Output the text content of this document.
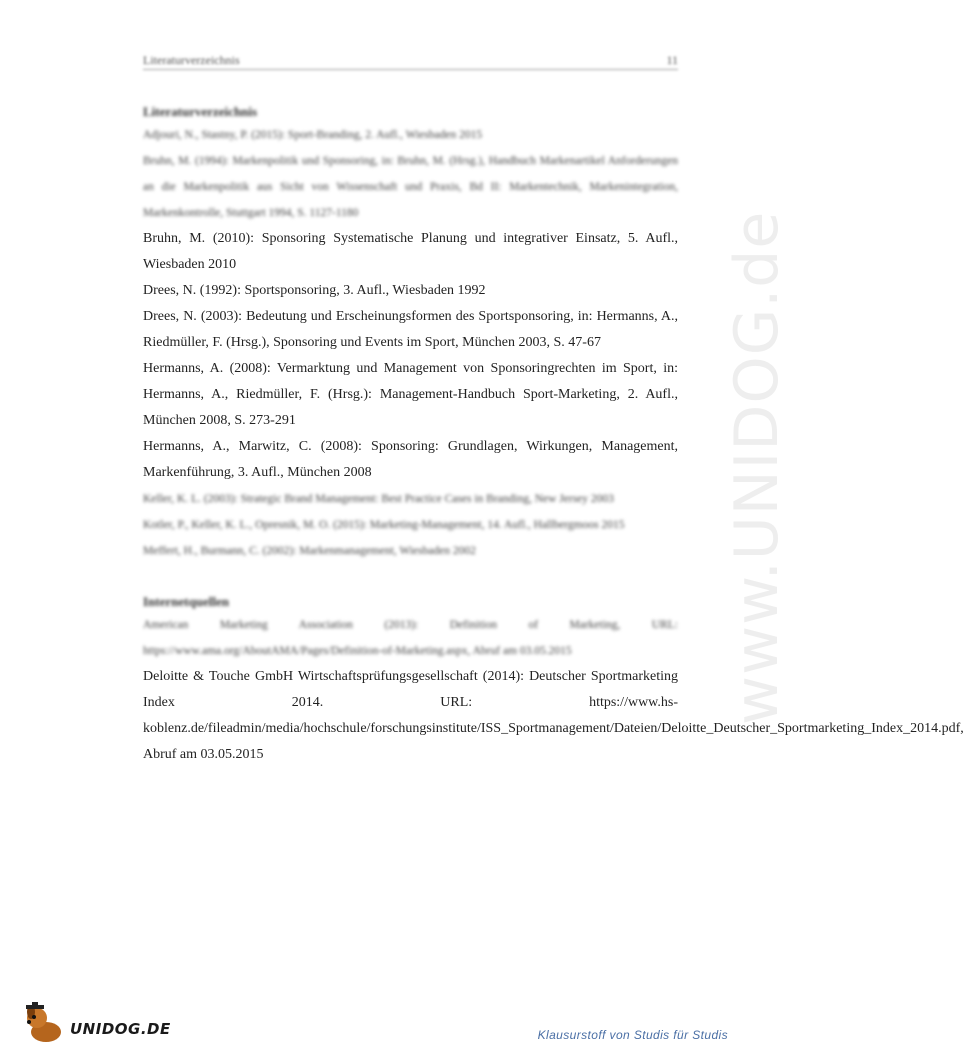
Literaturverzeichnis	11
Literaturverzeichnis

Adjouri, N., Stastny, P. (2015): Sport-Branding, 2. Aufl., Wiesbaden 2015

Bruhn, M. (1994): Markenpolitik und Sponsoring, in: Bruhn, M. (Hrsg.), Handbuch Markenartikel Anforderungen an die Markenpolitik aus Sicht von Wissenschaft und Praxis, Bd II: Markentechnik, Markenintegration, Markenkontrolle, Stuttgart 1994, S. 1127-1180

Bruhn, M. (2010): Sponsoring Systematische Planung und integrativer Einsatz, 5. Aufl., Wiesbaden 2010

Drees, N. (1992): Sportsponsoring, 3. Aufl., Wiesbaden 1992

Drees, N. (2003): Bedeutung und Erscheinungsformen des Sportsponsoring, in: Hermanns, A., Riedmüller, F. (Hrsg.), Sponsoring und Events im Sport, München 2003, S. 47-67

Hermanns, A. (2008): Vermarktung und Management von Sponsoringrechten im Sport, in: Hermanns, A., Riedmüller, F. (Hrsg.): Management-Handbuch Sport-Marketing, 2. Aufl., München 2008, S. 273-291

Hermanns, A., Marwitz, C. (2008): Sponsoring: Grundlagen, Wirkungen, Management, Markenführung, 3. Aufl., München 2008

Keller, K. L. (2003): Strategic Brand Management: Best Practice Cases in Branding, New Jersey 2003

Kotler, P., Keller, K. L., Opresnik, M. O. (2015): Marketing-Management, 14. Aufl., Hallbergmoos 2015

Meffert, H., Burmann, C. (2002): Markenmanagement, Wiesbaden 2002

Internetquellen

American Marketing Association (2013): Definition of Marketing, URL: https://www.ama.org/AboutAMA/Pages/Definition-of-Marketing.aspx, Abruf am 03.05.2015

Deloitte & Touche GmbH Wirtschaftsprüfungsgesellschaft (2014): Deutscher Sportmarketing Index 2014. URL: https://www.hs-koblenz.de/fileadmin/media/hochschule/forschungsinstitute/ISS_Sportmanagement/Dateien/Deloitte_Deutscher_Sportmarketing_Index_2014.pdf, Abruf am 03.05.2015

www.UNIDOG.de
UNIDOG.DE	Klausurstoff von Studis für Studis
